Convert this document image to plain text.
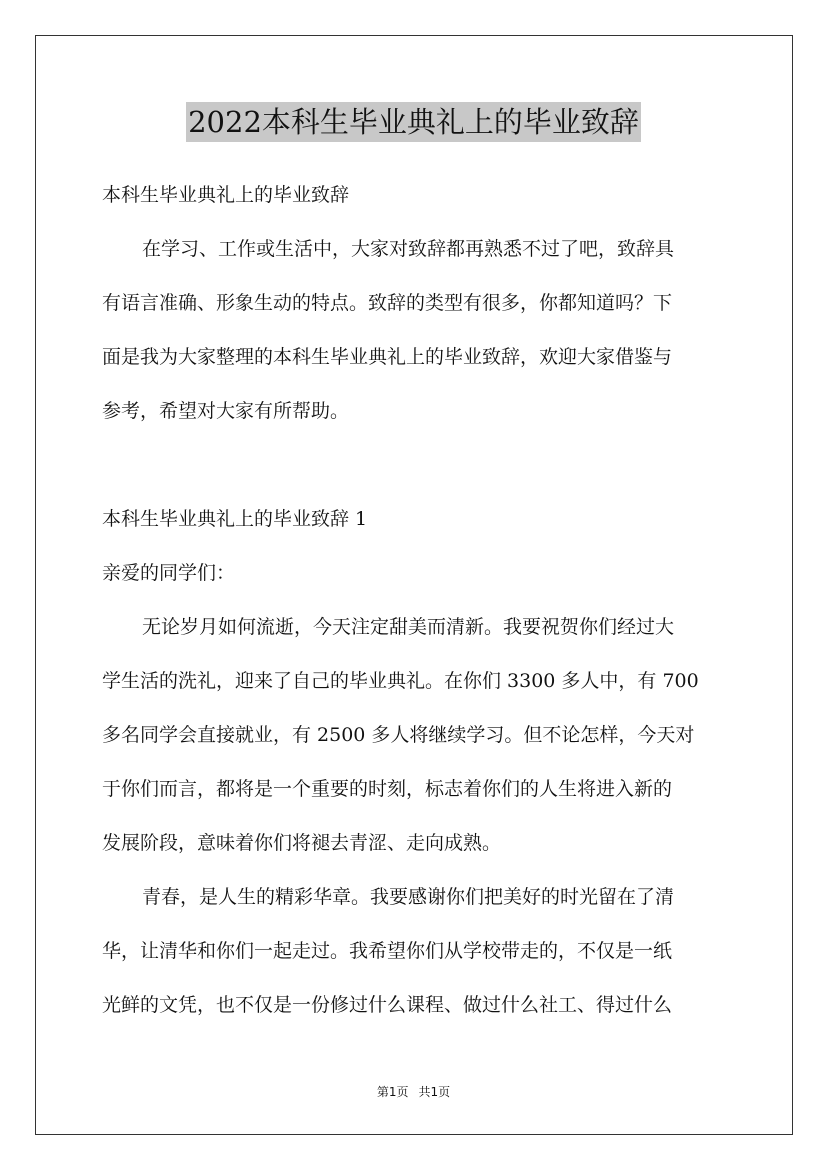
2022本科生毕业典礼上的毕业致辞

本科生毕业典礼上的毕业致辞

在学习、工作或生活中，大家对致辞都再熟悉不过了吧，致辞具

有语言准确、形象生动的特点。致辞的类型有很多，你都知道吗？下

面是我为大家整理的本科生毕业典礼上的毕业致辞，欢迎大家借鉴与

参考，希望对大家有所帮助。

本科生毕业典礼上的毕业致辞 1

亲爱的同学们：

无论岁月如何流逝，今天注定甜美而清新。我要祝贺你们经过大

学生活的洗礼，迎来了自己的毕业典礼。在你们 3300 多人中，有 700

多名同学会直接就业，有 2500 多人将继续学习。但不论怎样，今天对

于你们而言，都将是一个重要的时刻，标志着你们的人生将进入新的

发展阶段，意味着你们将褪去青涩、走向成熟。

青春，是人生的精彩华章。我要感谢你们把美好的时光留在了清

华，让清华和你们一起走过。我希望你们从学校带走的，不仅是一纸

光鲜的文凭，也不仅是一份修过什么课程、做过什么社工、得过什么

第1页 共1页
